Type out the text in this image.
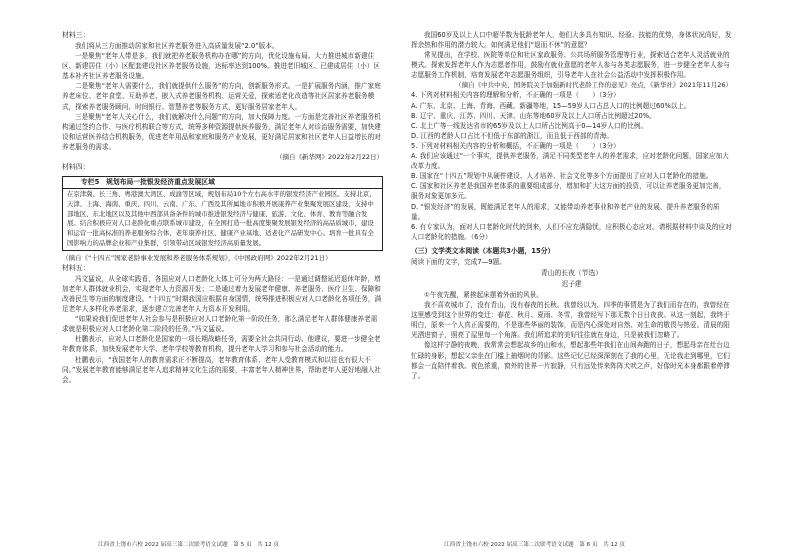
材料三：

我们将从三方面推动居家和社区养老服务进入高质量发展“2.0”版本。

一是聚焦“老年人带是多，我们就把养老服务机构办在哪”的方向，优化设施布局。大力推进城市新建住区、新建居住（小）区配套建设社区养老服务设施，达标率达到100%。推进老旧城区、已建成居住（小）区基本补齐社区养老服务设施。

二是聚焦“老年人需要什么，我们就提供什么服务”的方向，创新服务形式。一是扩展服务内涵，推广家庭养老床位、老年食堂、互助养老、嵌入式养老服务机构、运营关爱，探索适老化改造等社区居家养老服务模式，探索养老服务顾问、时间银行、智慧养老等服务方式，更好服务居家老年人。

三是聚焦“老年人关心什么，我们就解决什么问题”的方向，加大保障力度。一方面是完善社区养老服务机构通过签约合作、与医疗机构联合等方式，统筹多种资源提供医养服务，满足老年人对诊治服务需要，加快建设和运营医养结合机构服务，促进老年用品和家庭和服务产业发展，更好满足居家和社区老年人日益增长的对养老服务的需求。

（摘自《新华网》2022年2月22日）

材料四：

专栏5　规划布局一批银发经济重点发展区域
在京津冀、长三角、粤港澳大湾区、成渝等区域，规划布局10个左右高水平的银发经济产业园区。支持北京、天津、上海、海南、重庆、四川、云南、广东、广西及其所属地市积极开展康养产业集聚发展区建设，支持中部地区、东北地区以及其他中西部具备条件的城市推进银发经济与健康、旅游、文化、体育、教育等融合发展。结合积极应对人口老龄化重点联系城市建设，在全国打造一批高度集聚发展银发经济的高品质城市，建设和运营一批高标准的养老服务综合体、老年康养社区、健康产业基地、适老化产品研发中心。培育一批具有全国影响力的品牌企业和产业集群，引领带动区域银发经济高质量发展。

（摘自《“十四五”国家老龄事业发展和养老服务体系规划》，《中国政府网》2022年2月21日）

材料五：

冯文猛说，从全球实践看，各国应对人口老龄化大体上可分为两大路径：一是通过调整延迟退休年龄，增加老年人群体就业机会，实现老年人力资源开发；二是通过着力发展老年健康、养老服务、医疗卫生、保障和改善民生等方面的制度建设。“十四五”时期我国应根据自身国情，统筹推进积极应对人口老龄化各项任务，满足老年人多样化养老需求，逐步建立完善老年人力资本开发利用。

“如果说我们促进老年人社会参与是积极应对人口老龄化第一阶段任务，那么满足老年人群体健康养老需求就是积极应对人口老龄化第二阶段的任务。”冯文猛说。

杜鹏表示，应对人口老龄化是国家的一项长期战略任务，需要全社会共同行动。他建议，要进一步健全老年教育体系，加快发展老年大学、老年学校等教育机构，提升老年人学习和参与社会活动的能力。

杜鹏表示，“我国老年人的教育需求正不断提高，老年教育体系、老年人受教育模式和以往也有很大不同。”发展老年教育能够满足老年人追求精神文化生活的需要，丰富老年人精神世界，帮助老年人更好地融入社会。

江西省上饶市六校 2022 届高三第二次联考语文试题　第 5 页　共 12 页

我国60岁及以上人口中超半数为低龄老年人，他们大多具有知识、经验、技能的优势，身体状况尚好，发挥余热和作用的潜力较大。如何满足他们“退而不休”的意愿？

常见提出，在学校、医院等单位和社区家政服务、公共场所服务管理等行业，探索适合老年人灵活就业的模式。探索发挥老年人作为志愿者作用，鼓励有就业意愿的老年人参与各类志愿服务，进一步健全老年人参与志愿服务工作机制，培育发展老年志愿服务组织，引导老年人在社会公益活动中发挥积极作用。

（摘自《中共中央、国务院关于加强新时代老龄工作的意见》亮点，《新华社》2021年11月26）

4. 下列对材料相关内容的理解和分析，不正确的一项是（　　）（3分）

A. 广东、北京、上海、青海、西藏、新疆等地，15—59岁人口占总人口的比例超过60%以上。

B. 辽宁、重庆、江苏、四川、天津、山东等地60岁及以上人口所占比例超过20%。

C. 北上广等一线发达省市的65岁及以上人口所占比例高于0—14岁人口的比例。

D. 江西的老龄人口占比不但低于东部的浙江，而且低于西部的青海。

5. 下列对材料相关内容的分析和概括，不正确的一项是（　　）（3分）

A. 我们应该通过“一个事实，提供养老服务，满足不同类型老年人的养老需求，应对老龄化问题，国家应加大改革力度。

B. 国家在“十四五”规划中从硬件建设、人才培养、社会文化等多个方面提出了应对人口老龄化的措施。

C. 国家和社区养老是我国养老体系的重要组成部分，增加和扩大这方面的投资，可以让养老服务更加完善，服务对象更加多元。

D. “银发经济”的发展，既能满足老年人的需求，又能带动养老事业和养老产业的发展，提升养老服务的质量。

6. 有专家认为，面对人口老龄化时代的到来，人们不应充满隐忧，应积极心态应对。请根据材料中谈及的应对人口老龄化的措施。（6分）

（三）文学类文本阅读（本题共3小题，15分）

阅读下面的文字，完成7—9题。

青山的长夜（节选）

迟子建

①午夜先醒，紧挨起床摆着外面的风景。

我不喜欢城市了，没有青山，没有春夜的长秋。我曾经以为，四季的事情是为了我们而存在的，我曾经在这里感受到这个世界的变迁：春花、秋月、夏雨、冬雪，我曾经写下那无数个日日夜夜。从这一刻起，我终于明白，原来一个人真正需要的，不是那些华丽的装饰，而是内心深处对自然、对生命的敬畏与热爱。清晨的阳光洒进窗子，照亮了屋里每一个角落。我们所追求的美好往往就在身边，只是被我们忽略了。

像这样宁静的夜晚，我常常会想起故乡的山和水，想起那些年我们在山间奔跑的日子，想起母亲在灶台边忙碌的身影，想起父亲坐在门槛上抽烟时的背影。这些记忆已经深深刻在了我的心里，无论我走到哪里，它们都会一直陪伴着我。夜色浓重，窗外的世界一片寂静，只有远处传来阵阵犬吠之声，好像时光本身都跟着停滞了。

江西省上饶市六校 2022 届高三第二次联考语文试题　第 6 页　共 12 页
